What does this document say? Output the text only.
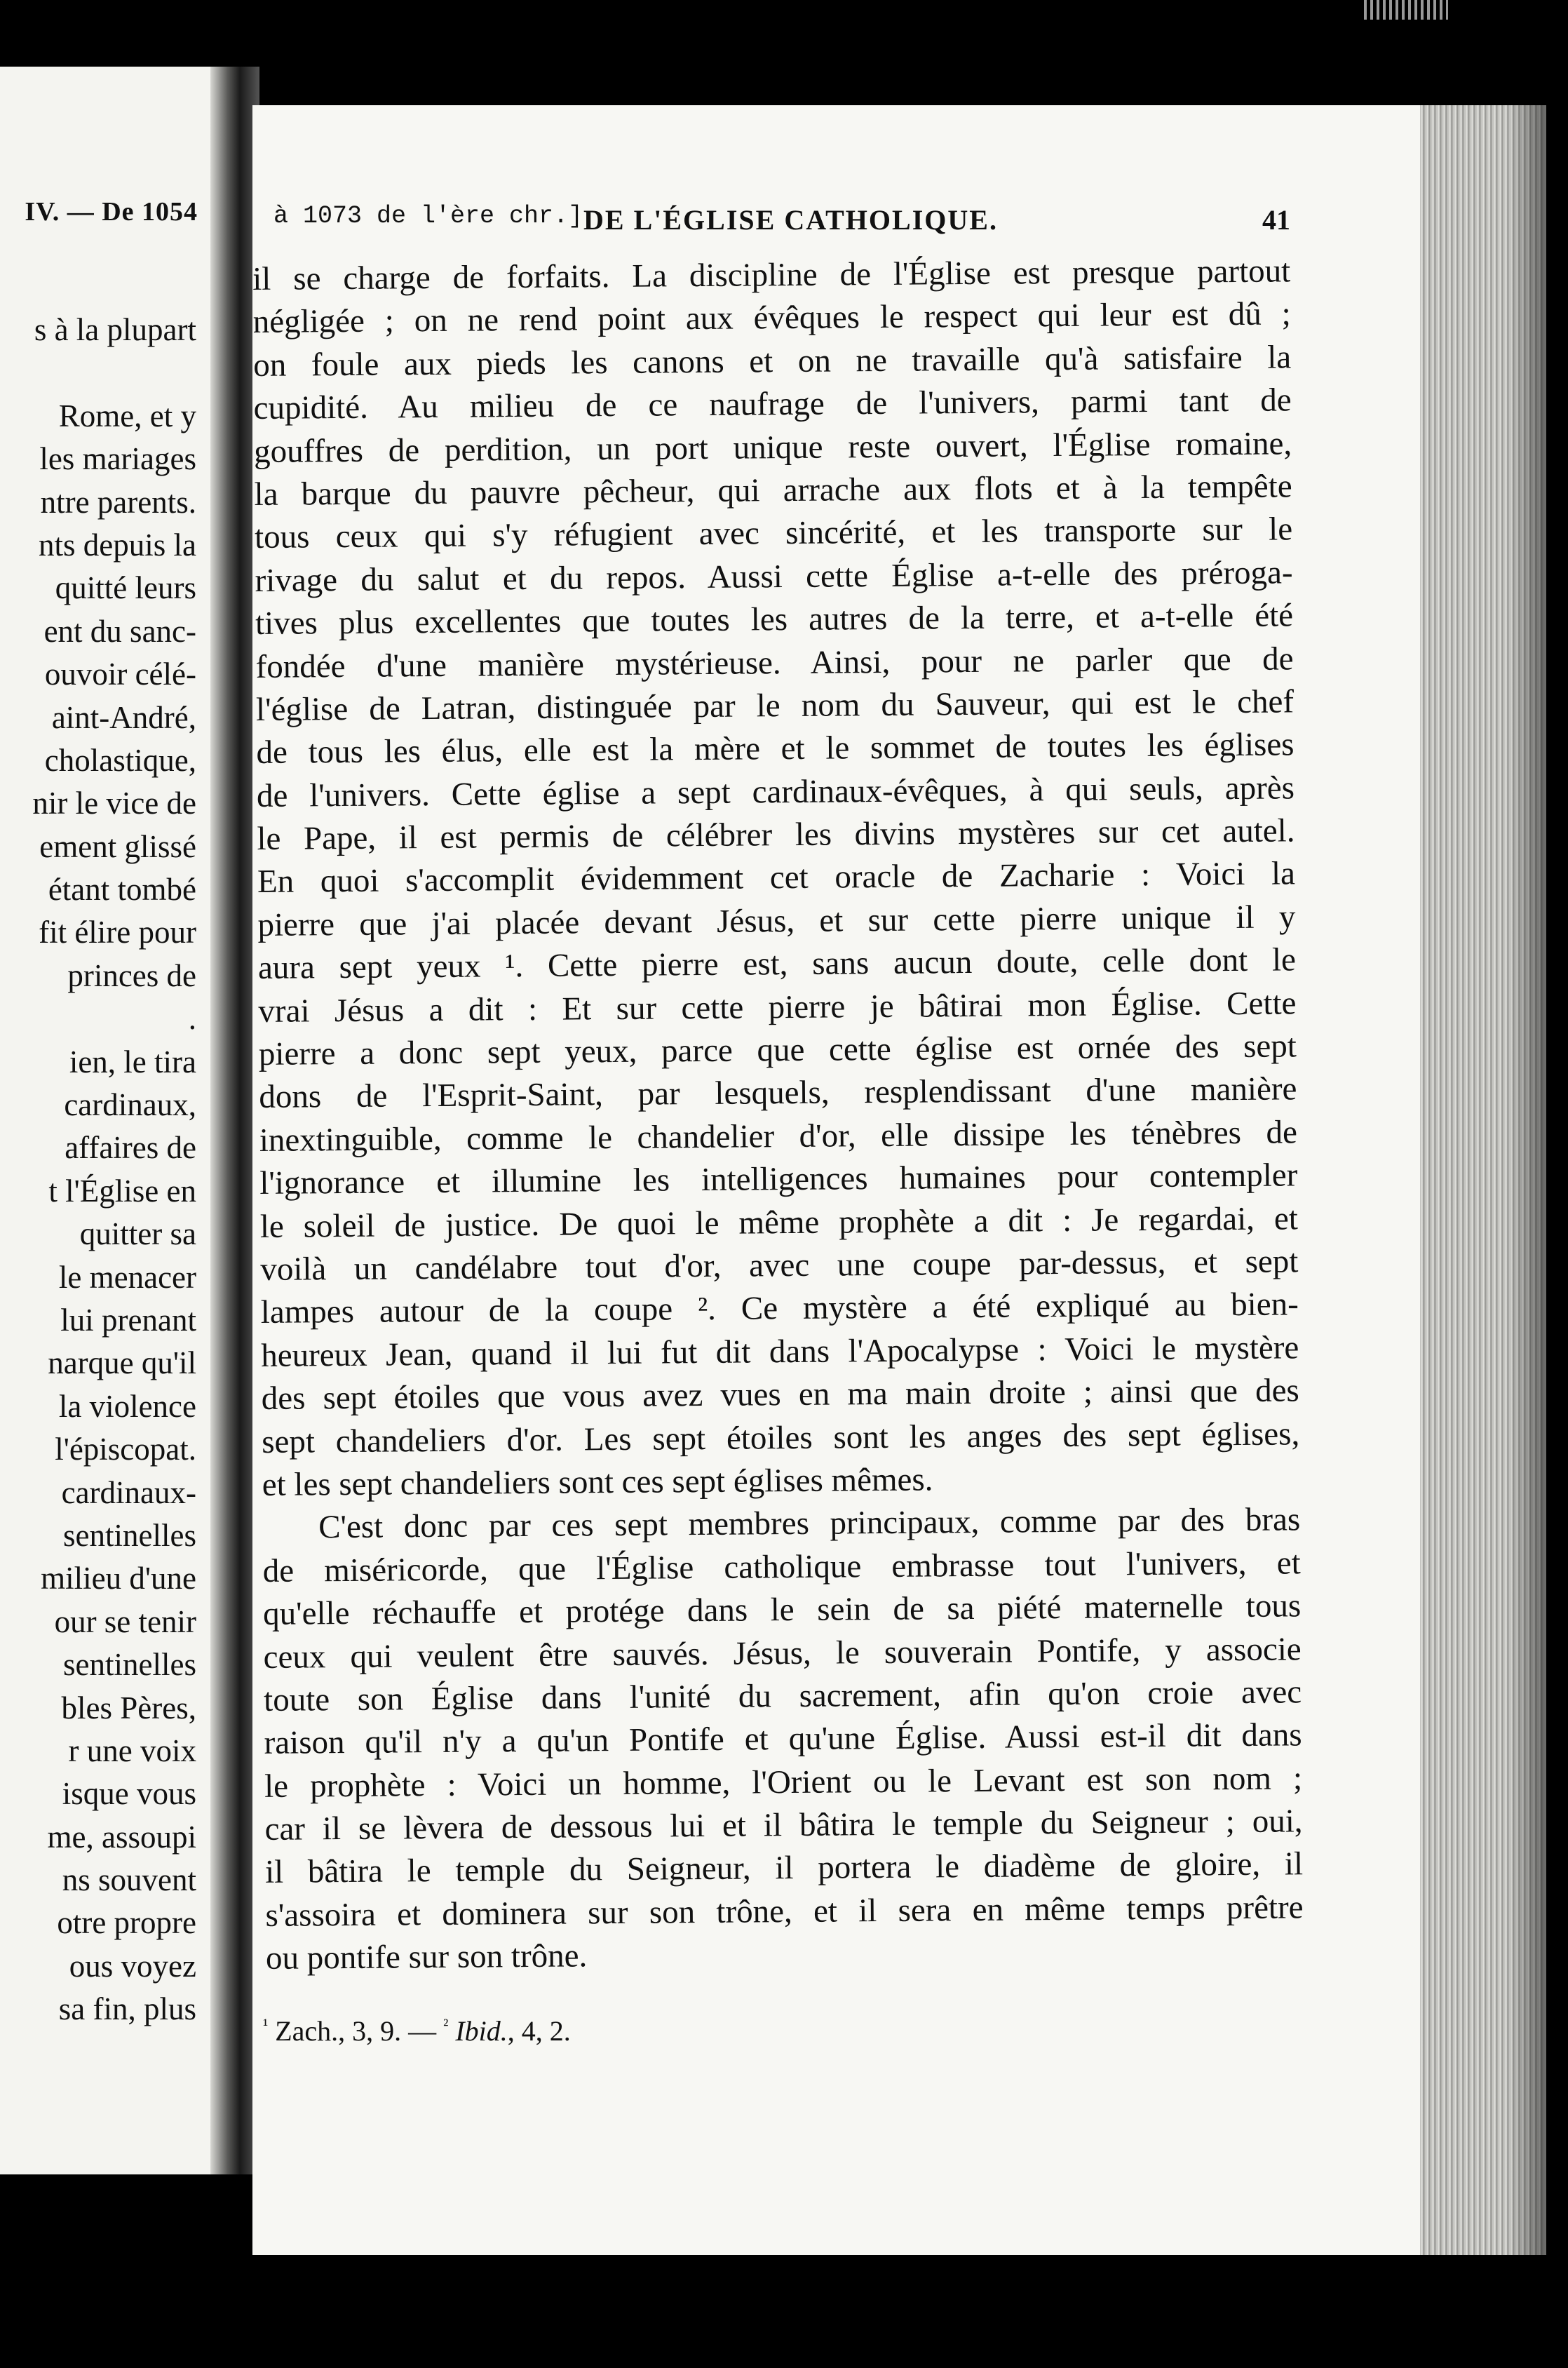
IV. — De 1054
s à la plupart
Rome, et y
les mariages
ntre parents.
nts depuis la
quitté leurs
ent du sanc-
ouvoir célé-
aint-André,
cholastique,
nir le vice de
ement glissé
étant tombé
fit élire pour
princes de
.
ien, le tira
cardinaux,
affaires de
t l'Église en
quitter sa
le menacer
lui prenant
narque qu'il
la violence
l'épiscopat.
cardinaux-
sentinelles
milieu d'une
our se tenir
sentinelles
bles Pères,
r une voix
isque vous
me, assoupi
ns souvent
otre propre
ous voyez
sa fin, plus
à 1073 de l'ère chr.] DE L'ÉGLISE CATHOLIQUE.	41
il se charge de forfaits. La discipline de l'Église est presque partout
négligée ; on ne rend point aux évêques le respect qui leur est dû ;
on foule aux pieds les canons et on ne travaille qu'à satisfaire la
cupidité. Au milieu de ce naufrage de l'univers, parmi tant de
gouffres de perdition, un port unique reste ouvert, l'Église romaine,
la barque du pauvre pêcheur, qui arrache aux flots et à la tempête
tous ceux qui s'y réfugient avec sincérité, et les transporte sur le
rivage du salut et du repos. Aussi cette Église a-t-elle des préroga-
tives plus excellentes que toutes les autres de la terre, et a-t-elle été
fondée d'une manière mystérieuse. Ainsi, pour ne parler que de
l'église de Latran, distinguée par le nom du Sauveur, qui est le chef
de tous les élus, elle est la mère et le sommet de toutes les églises
de l'univers. Cette église a sept cardinaux-évêques, à qui seuls, après
le Pape, il est permis de célébrer les divins mystères sur cet autel.
En quoi s'accomplit évidemment cet oracle de Zacharie : Voici la
pierre que j'ai placée devant Jésus, et sur cette pierre unique il y
aura sept yeux ¹. Cette pierre est, sans aucun doute, celle dont le
vrai Jésus a dit : Et sur cette pierre je bâtirai mon Église. Cette
pierre a donc sept yeux, parce que cette église est ornée des sept
dons de l'Esprit-Saint, par lesquels, resplendissant d'une manière
inextinguible, comme le chandelier d'or, elle dissipe les ténèbres de
l'ignorance et illumine les intelligences humaines pour contempler
le soleil de justice. De quoi le même prophète a dit : Je regardai, et
voilà un candélabre tout d'or, avec une coupe par-dessus, et sept
lampes autour de la coupe ². Ce mystère a été expliqué au bien-
heureux Jean, quand il lui fut dit dans l'Apocalypse : Voici le mystère
des sept étoiles que vous avez vues en ma main droite ; ainsi que des
sept chandeliers d'or. Les sept étoiles sont les anges des sept églises,
et les sept chandeliers sont ces sept églises mêmes.
C'est donc par ces sept membres principaux, comme par des bras
de miséricorde, que l'Église catholique embrasse tout l'univers, et
qu'elle réchauffe et protége dans le sein de sa piété maternelle tous
ceux qui veulent être sauvés. Jésus, le souverain Pontife, y associe
toute son Église dans l'unité du sacrement, afin qu'on croie avec
raison qu'il n'y a qu'un Pontife et qu'une Église. Aussi est-il dit dans
le prophète : Voici un homme, l'Orient ou le Levant est son nom ;
car il se lèvera de dessous lui et il bâtira le temple du Seigneur ; oui,
il bâtira le temple du Seigneur, il portera le diadème de gloire, il
s'assoira et dominera sur son trône, et il sera en même temps prêtre
ou pontife sur son trône.
$^{^1}$ Zach., 3, 9. — $^{^2}$ Ibid., 4, 2.
